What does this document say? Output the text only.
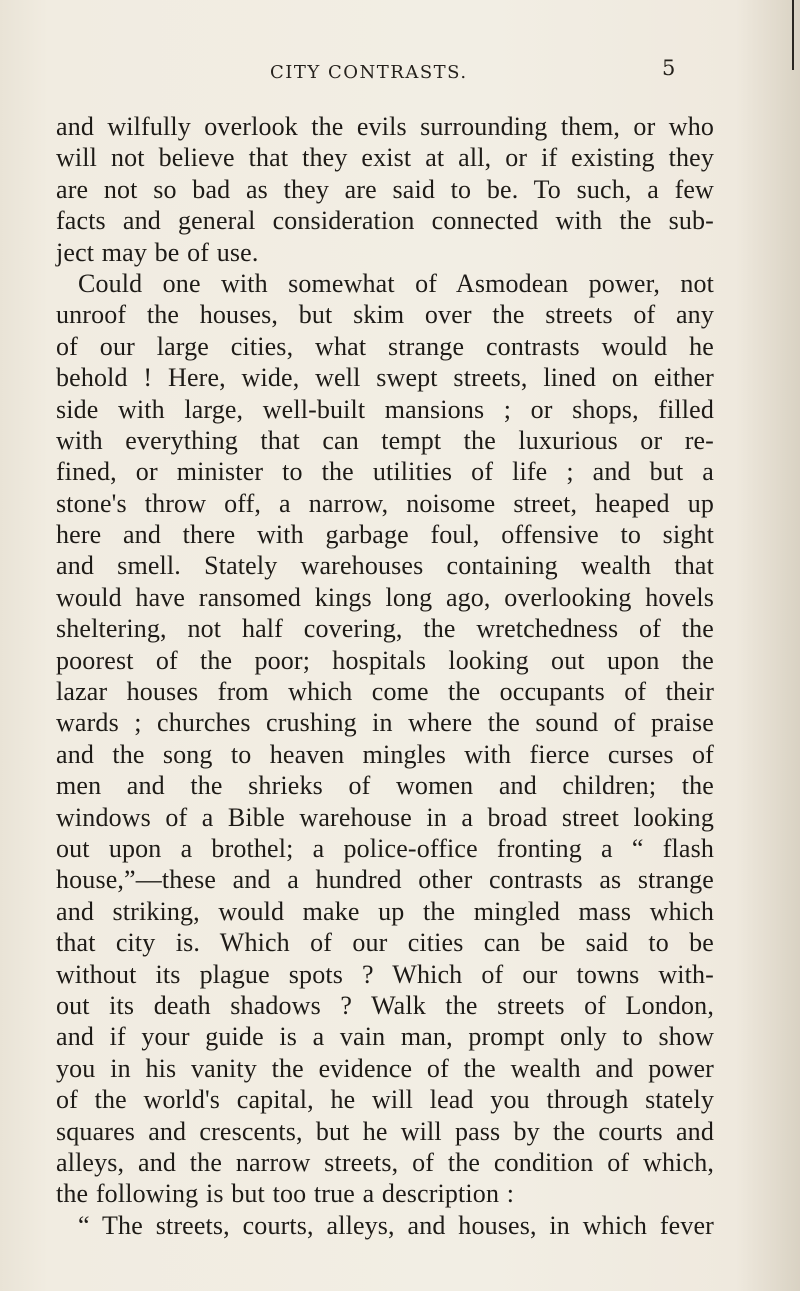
CITY CONTRASTS.	5
and wilfully overlook the evils surrounding them, or who
will not believe that they exist at all, or if existing they
are not so bad as they are said to be. To such, a few
facts and general consideration connected with the sub-
ject may be of use.
Could one with somewhat of Asmodean power, not
unroof the houses, but skim over the streets of any
of our large cities, what strange contrasts would he
behold ! Here, wide, well swept streets, lined on either
side with large, well-built mansions ; or shops, filled
with everything that can tempt the luxurious or re-
fined, or minister to the utilities of life ; and but a
stone's throw off, a narrow, noisome street, heaped up
here and there with garbage foul, offensive to sight
and smell. Stately warehouses containing wealth that
would have ransomed kings long ago, overlooking hovels
sheltering, not half covering, the wretchedness of the
poorest of the poor; hospitals looking out upon the
lazar houses from which come the occupants of their
wards ; churches crushing in where the sound of praise
and the song to heaven mingles with fierce curses of
men and the shrieks of women and children; the
windows of a Bible warehouse in a broad street looking
out upon a brothel; a police-office fronting a “ flash
house,”—these and a hundred other contrasts as strange
and striking, would make up the mingled mass which
that city is. Which of our cities can be said to be
without its plague spots ? Which of our towns with-
out its death shadows ? Walk the streets of London,
and if your guide is a vain man, prompt only to show
you in his vanity the evidence of the wealth and power
of the world's capital, he will lead you through stately
squares and crescents, but he will pass by the courts and
alleys, and the narrow streets, of the condition of which,
the following is but too true a description :
“ The streets, courts, alleys, and houses, in which fever
